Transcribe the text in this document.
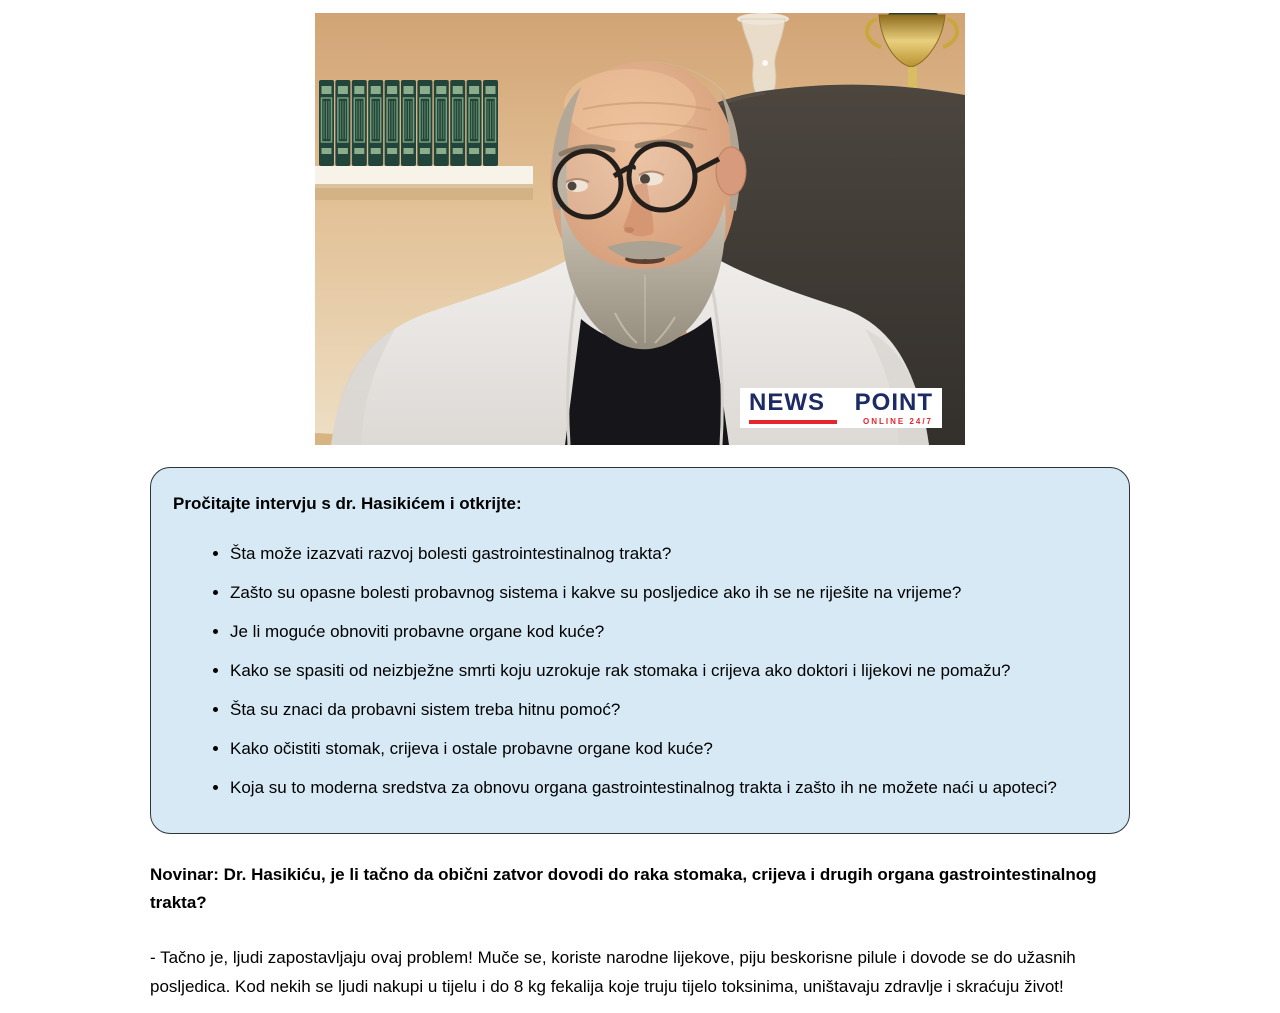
NEWS POINT
ONLINE 24/7
Pročitajte intervju s dr. Hasikićem i otkrijte:
• Šta može izazvati razvoj bolesti gastrointestinalnog trakta?
• Zašto su opasne bolesti probavnog sistema i kakve su posljedice ako ih se ne riješite na vrijeme?
• Je li moguće obnoviti probavne organe kod kuće?
• Kako se spasiti od neizbježne smrti koju uzrokuje rak stomaka i crijeva ako doktori i lijekovi ne pomažu?
• Šta su znaci da probavni sistem treba hitnu pomoć?
• Kako očistiti stomak, crijeva i ostale probavne organe kod kuće?
• Koja su to moderna sredstva za obnovu organa gastrointestinalnog trakta i zašto ih ne možete naći u apoteci?

Novinar: Dr. Hasikiću, je li tačno da obični zatvor dovodi do raka stomaka, crijeva i drugih organa gastrointestinalnog trakta?

- Tačno je, ljudi zapostavljaju ovaj problem! Muče se, koriste narodne lijekove, piju beskorisne pilule i dovode se do užasnih posljedica. Kod nekih se ljudi nakupi u tijelu i do 8 kg fekalija koje truju tijelo toksinima, uništavaju zdravlje i skraćuju život!
